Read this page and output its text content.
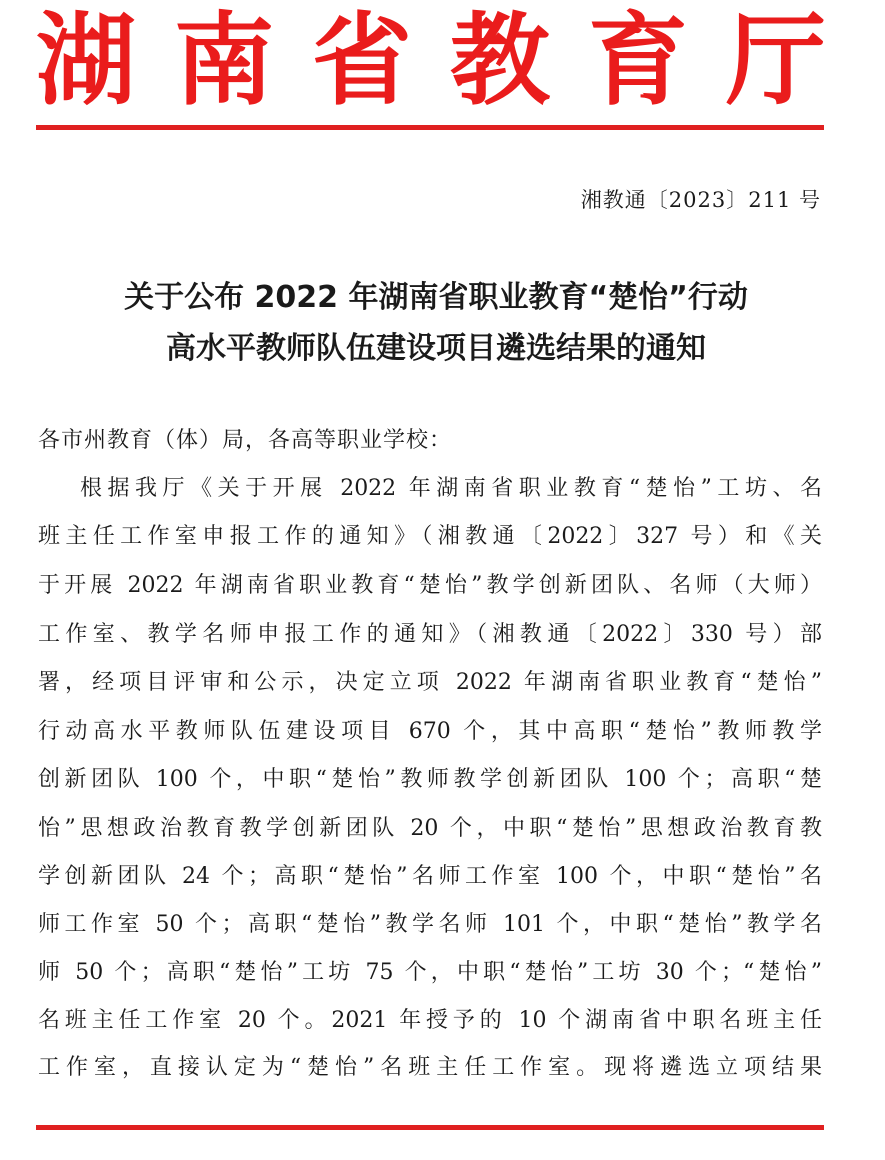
湖 南 省 教 育 厅
湘教通〔2023〕211 号
关于公布 2022 年湖南省职业教育“楚怡”行动
高水平教师队伍建设项目遴选结果的通知
各市州教育（体）局，各高等职业学校：
根据我厅《关于开展 2022 年湖南省职业教育“楚怡”工坊、名
班主任工作室申报工作的通知》（湘教通〔2022〕327 号）和《关
于开展 2022 年湖南省职业教育“楚怡”教学创新团队、名师（大师）
工作室、教学名师申报工作的通知》（湘教通〔2022〕330 号）部
署，经项目评审和公示，决定立项 2022 年湖南省职业教育“楚怡”
行动高水平教师队伍建设项目 670 个，其中高职“楚怡”教师教学
创新团队 100 个，中职“楚怡”教师教学创新团队 100 个；高职“楚
怡”思想政治教育教学创新团队 20 个，中职“楚怡”思想政治教育教
学创新团队 24 个；高职“楚怡”名师工作室 100 个，中职“楚怡”名
师工作室 50 个；高职“楚怡”教学名师 101 个，中职“楚怡”教学名
师 50 个；高职“楚怡”工坊 75 个，中职“楚怡”工坊 30 个；“楚怡”
名班主任工作室 20 个。2021 年授予的 10 个湖南省中职名班主任
工作室，直接认定为“楚怡”名班主任工作室。现将遴选立项结果
